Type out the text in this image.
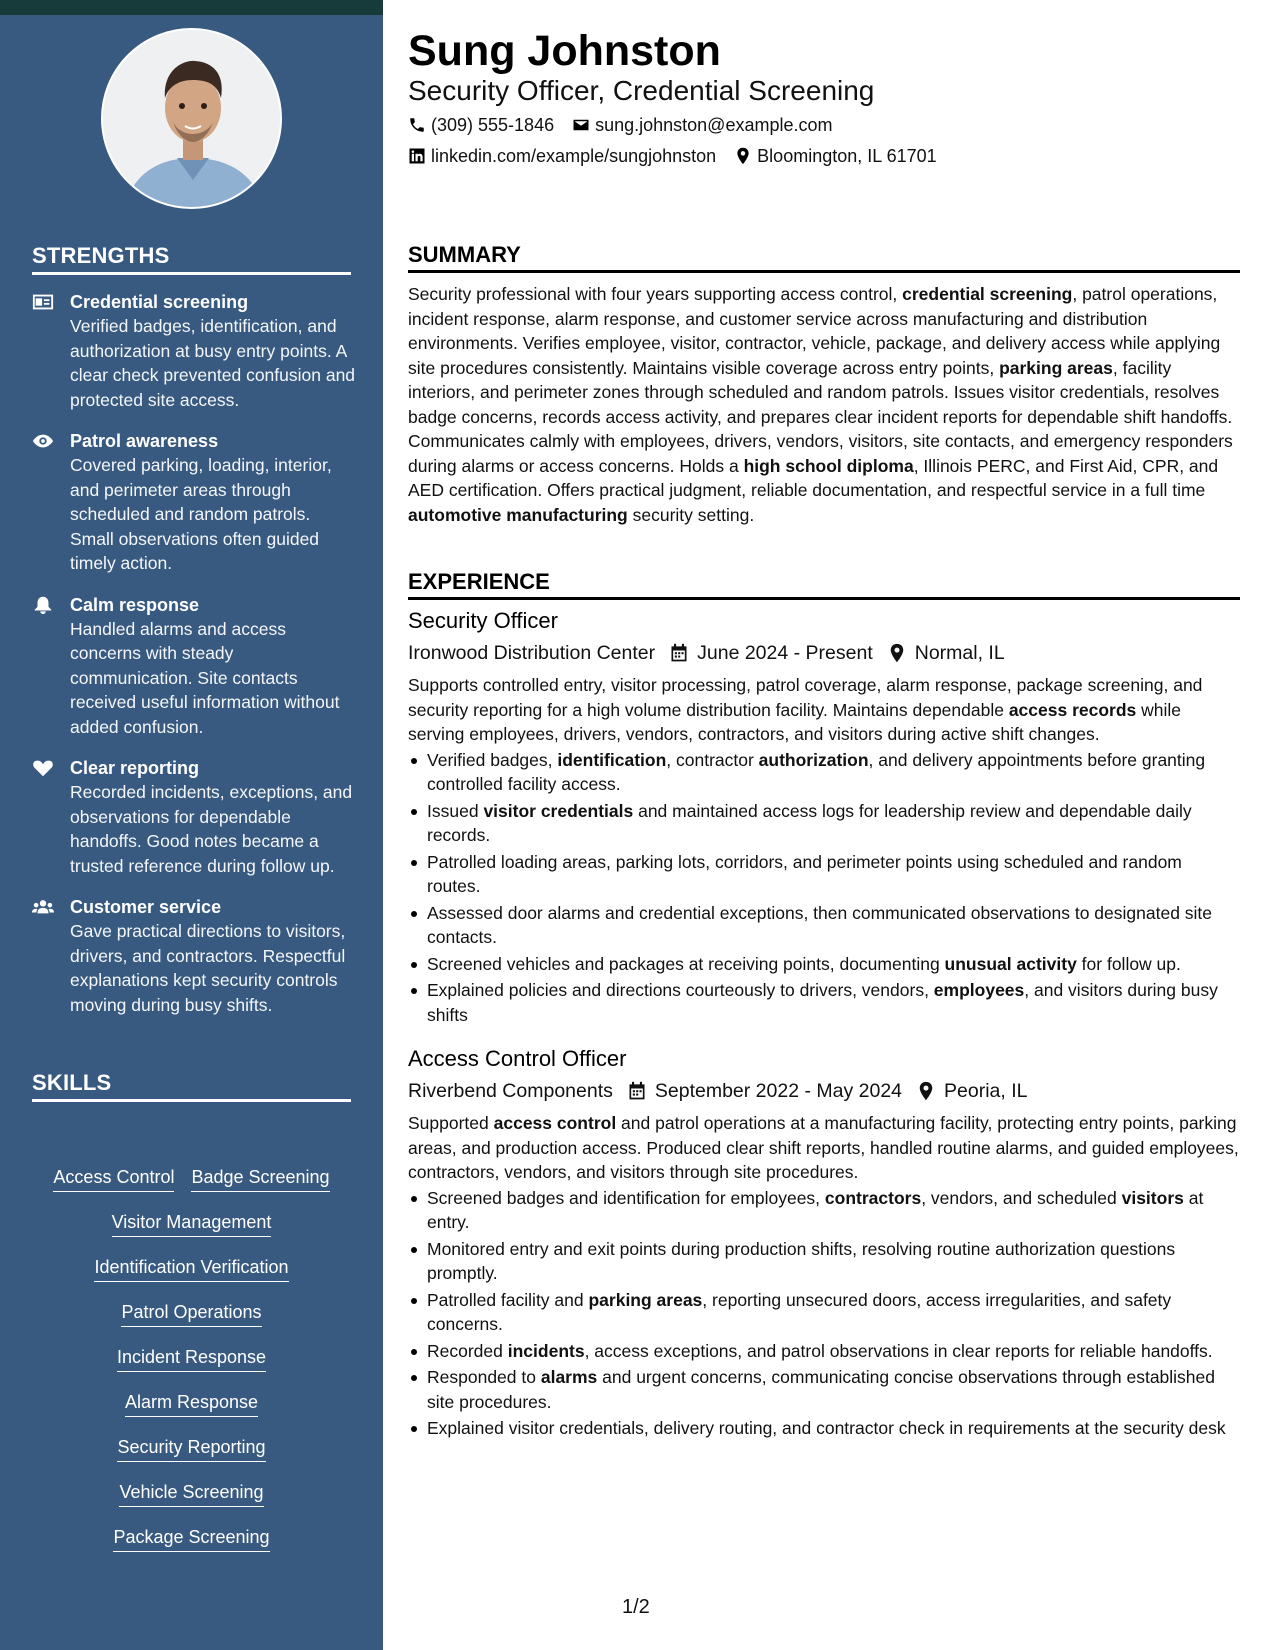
STRENGTHS
Credential screening
Verified badges, identification, and authorization at busy entry points. A clear check prevented confusion and protected site access.
Patrol awareness
Covered parking, loading, interior, and perimeter areas through scheduled and random patrols. Small observations often guided timely action.
Calm response
Handled alarms and access concerns with steady communication. Site contacts received useful information without added confusion.
Clear reporting
Recorded incidents, exceptions, and observations for dependable handoffs. Good notes became a trusted reference during follow up.
Customer service
Gave practical directions to visitors, drivers, and contractors. Respectful explanations kept security controls moving during busy shifts.
SKILLS
Access Control Badge Screening
Visitor Management
Identification Verification
Patrol Operations
Incident Response
Alarm Response
Security Reporting
Vehicle Screening
Package Screening
Sung Johnston
Security Officer, Credential Screening
(309) 555-1846 sung.johnston@example.com
linkedin.com/example/sungjohnston Bloomington, IL 61701
SUMMARY
Security professional with four years supporting access control, credential screening, patrol operations, incident response, alarm response, and customer service across manufacturing and distribution environments. Verifies employee, visitor, contractor, vehicle, package, and delivery access while applying site procedures consistently. Maintains visible coverage across entry points, parking areas, facility interiors, and perimeter zones through scheduled and random patrols. Issues visitor credentials, resolves badge concerns, records access activity, and prepares clear incident reports for dependable shift handoffs. Communicates calmly with employees, drivers, vendors, visitors, site contacts, and emergency responders during alarms or access concerns. Holds a high school diploma, Illinois PERC, and First Aid, CPR, and AED certification. Offers practical judgment, reliable documentation, and respectful service in a full time automotive manufacturing security setting.
EXPERIENCE
Security Officer
Ironwood Distribution Center June 2024 - Present Normal, IL
Supports controlled entry, visitor processing, patrol coverage, alarm response, package screening, and security reporting for a high volume distribution facility. Maintains dependable access records while serving employees, drivers, vendors, contractors, and visitors during active shift changes.
Verified badges, identification, contractor authorization, and delivery appointments before granting controlled facility access.
Issued visitor credentials and maintained access logs for leadership review and dependable daily records.
Patrolled loading areas, parking lots, corridors, and perimeter points using scheduled and random routes.
Assessed door alarms and credential exceptions, then communicated observations to designated site contacts.
Screened vehicles and packages at receiving points, documenting unusual activity for follow up.
Explained policies and directions courteously to drivers, vendors, employees, and visitors during busy shifts
Access Control Officer
Riverbend Components September 2022 - May 2024 Peoria, IL
Supported access control and patrol operations at a manufacturing facility, protecting entry points, parking areas, and production access. Produced clear shift reports, handled routine alarms, and guided employees, contractors, vendors, and visitors through site procedures.
Screened badges and identification for employees, contractors, vendors, and scheduled visitors at entry.
Monitored entry and exit points during production shifts, resolving routine authorization questions promptly.
Patrolled facility and parking areas, reporting unsecured doors, access irregularities, and safety concerns.
Recorded incidents, access exceptions, and patrol observations in clear reports for reliable handoffs.
Responded to alarms and urgent concerns, communicating concise observations through established site procedures.
Explained visitor credentials, delivery routing, and contractor check in requirements at the security desk
1/2
